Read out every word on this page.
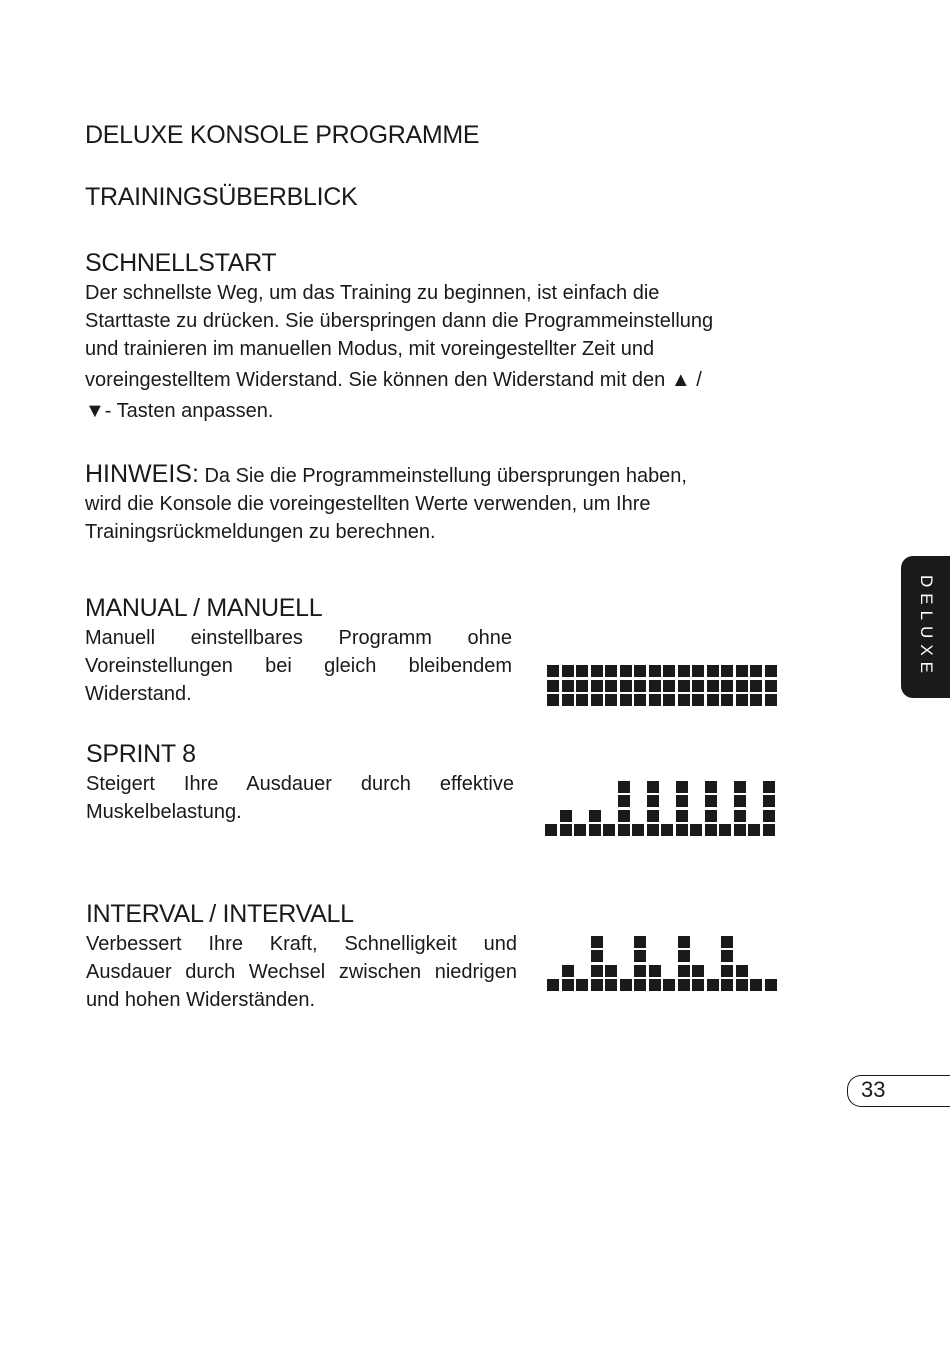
DELUXE KONSOLE PROGRAMME
TRAININGSÜBERBLICK
SCHNELLSTART
Der schnellste Weg, um das Training zu beginnen, ist einfach die
Starttaste zu drücken. Sie überspringen dann die Programmeinstellung
und trainieren im manuellen Modus, mit voreingestellter Zeit und
voreingestelltem Widerstand. Sie können den Widerstand mit den ▲ /
▼- Tasten anpassen.
HINWEIS: Da Sie die Programmeinstellung übersprungen haben,
wird die Konsole die voreingestellten Werte verwenden, um Ihre
Trainingsrückmeldungen zu berechnen.
MANUAL / MANUELL
Manuell einstellbares Programm ohne
Voreinstellungen bei gleich bleibendem
Widerstand.
SPRINT 8
Steigert Ihre Ausdauer durch effektive
Muskelbelastung.
INTERVAL / INTERVALL
Verbessert Ihre Kraft, Schnelligkeit und
Ausdauer durch Wechsel zwischen niedrigen
und hohen Widerständen.
DELUXE
33
